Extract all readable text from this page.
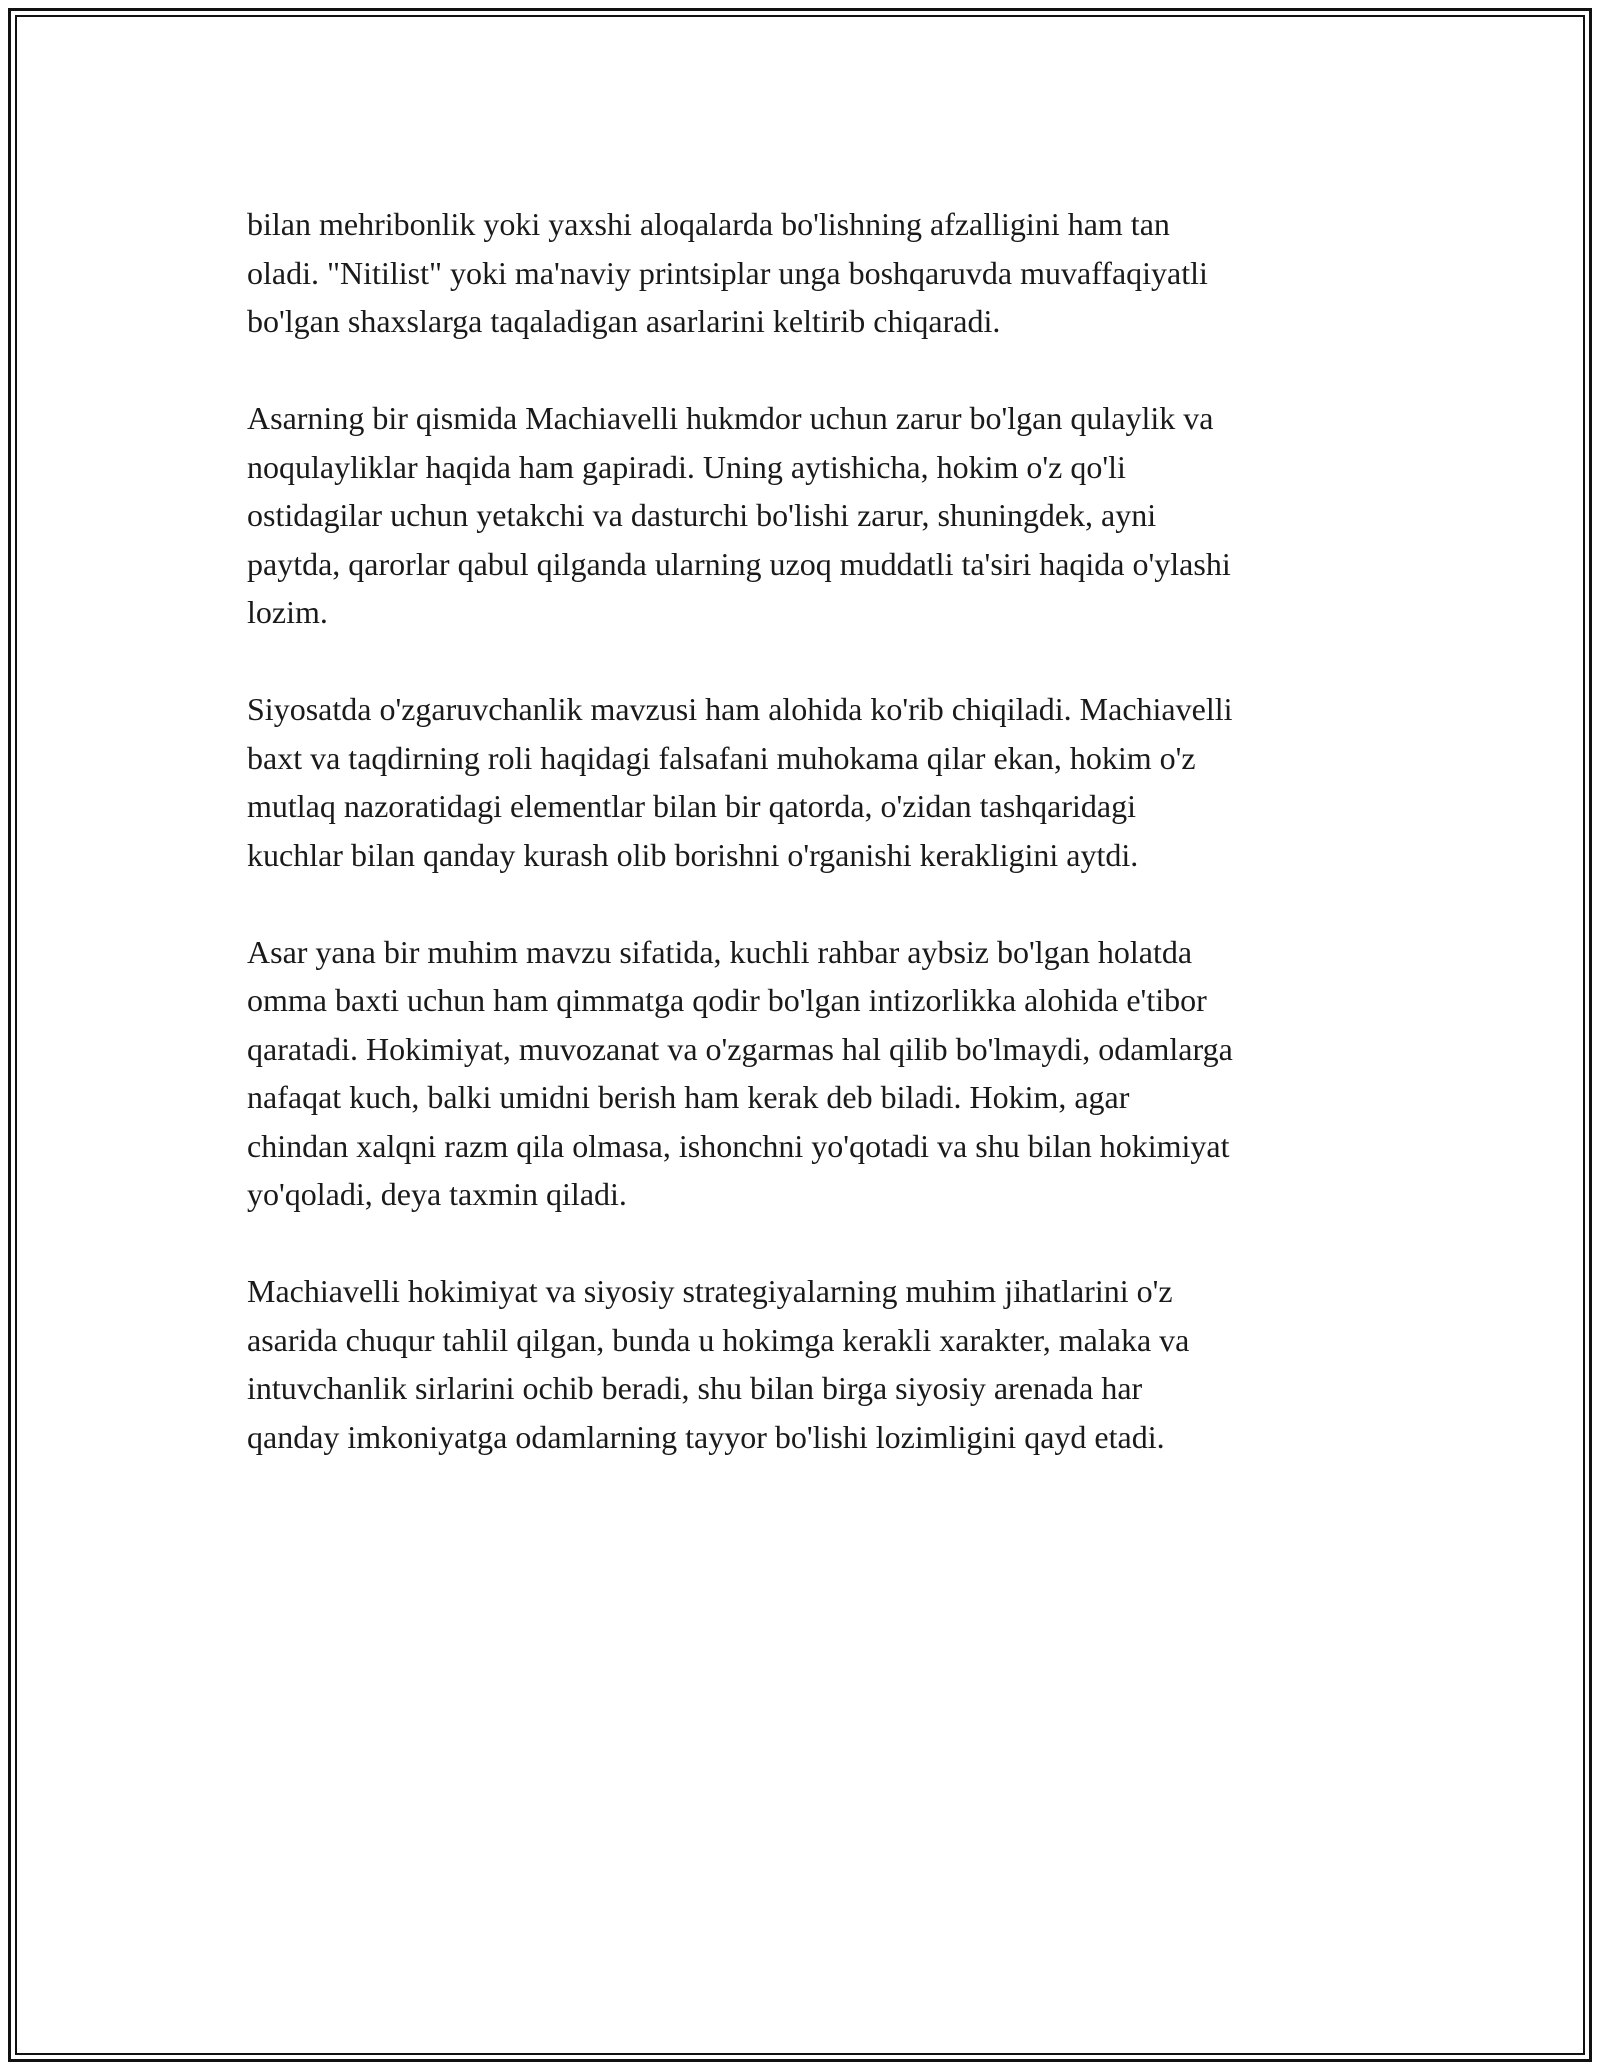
bilan mehribonlik yoki yaxshi aloqalarda bo'lishning afzalligini ham tan
oladi. "Nitilist" yoki ma'naviy printsiplar unga boshqaruvda muvaffaqiyatli
bo'lgan shaxslarga taqaladigan asarlarini keltirib chiqaradi.

Asarning bir qismida Machiavelli hukmdor uchun zarur bo'lgan qulaylik va
noqulayliklar haqida ham gapiradi. Uning aytishicha, hokim o'z qo'li
ostidagilar uchun yetakchi va dasturchi bo'lishi zarur, shuningdek, ayni
paytda, qarorlar qabul qilganda ularning uzoq muddatli ta'siri haqida o'ylashi
lozim.

Siyosatda o'zgaruvchanlik mavzusi ham alohida ko'rib chiqiladi. Machiavelli
baxt va taqdirning roli haqidagi falsafani muhokama qilar ekan, hokim o'z
mutlaq nazoratidagi elementlar bilan bir qatorda, o'zidan tashqaridagi
kuchlar bilan qanday kurash olib borishni o'rganishi kerakligini aytdi.

Asar yana bir muhim mavzu sifatida, kuchli rahbar aybsiz bo'lgan holatda
omma baxti uchun ham qimmatga qodir bo'lgan intizorlikka alohida e'tibor
qaratadi. Hokimiyat, muvozanat va o'zgarmas hal qilib bo'lmaydi, odamlarga
nafaqat kuch, balki umidni berish ham kerak deb biladi. Hokim, agar
chindan xalqni razm qila olmasa, ishonchni yo'qotadi va shu bilan hokimiyat
yo'qoladi, deya taxmin qiladi.

Machiavelli hokimiyat va siyosiy strategiyalarning muhim jihatlarini o'z
asarida chuqur tahlil qilgan, bunda u hokimga kerakli xarakter, malaka va
intuvchanlik sirlarini ochib beradi, shu bilan birga siyosiy arenada har
qanday imkoniyatga odamlarning tayyor bo'lishi lozimligini qayd etadi.
